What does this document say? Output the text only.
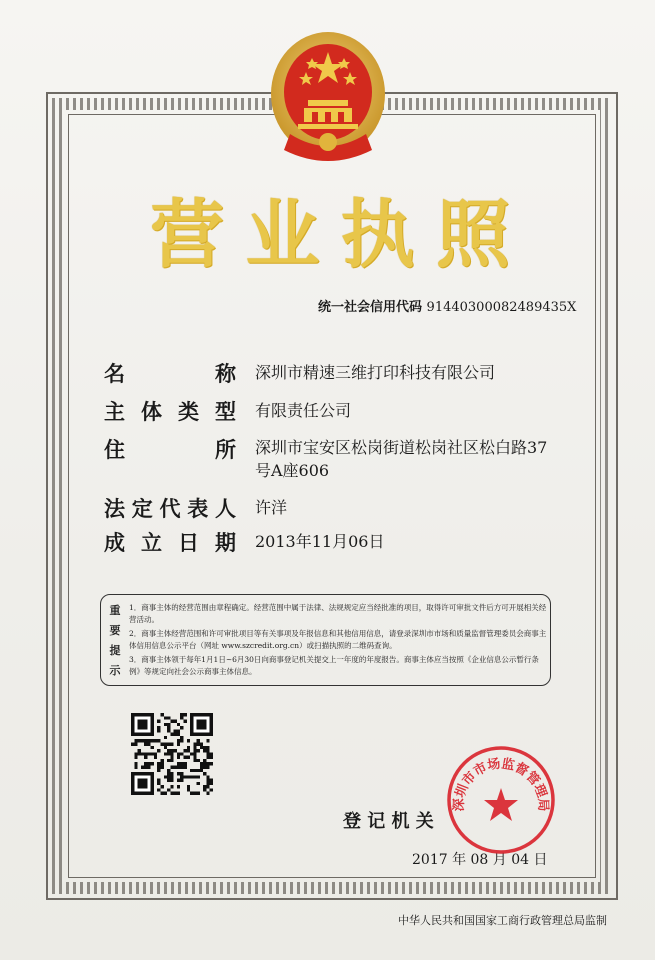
营 业 执 照
统一社会信用代码 91440300082489435X
名	称 深圳市精速三维打印科技有限公司
主 体 类 型 有限责任公司
住	所 深圳市宝安区松岗街道松岗社区松白路37号A座606
法 定 代 表 人 许洋
成 立 日 期 2013年11月06日
重
要
提
示

1．商事主体的经营范围由章程确定。经营范围中属于法律、法规规定应当经批准的项目，取得许可审批文件后方可开展相关经营活动。

2．商事主体经营范围和许可审批项目等有关事项及年报信息和其他信用信息，请登录深圳市市场和质量监督管理委员会商事主体信用信息公示平台（网址 www.szcredit.org.cn）或扫描执照的二维码查询。

3．商事主体领于每年1月1日~6月30日向商事登记机关提交上一年度的年度报告。商事主体应当按照《企业信息公示暂行条例》等规定向社会公示商事主体信息。

登 记 机 关
2017 年 08 月 04 日
深圳市市场监督管理局
中华人民共和国国家工商行政管理总局监制
